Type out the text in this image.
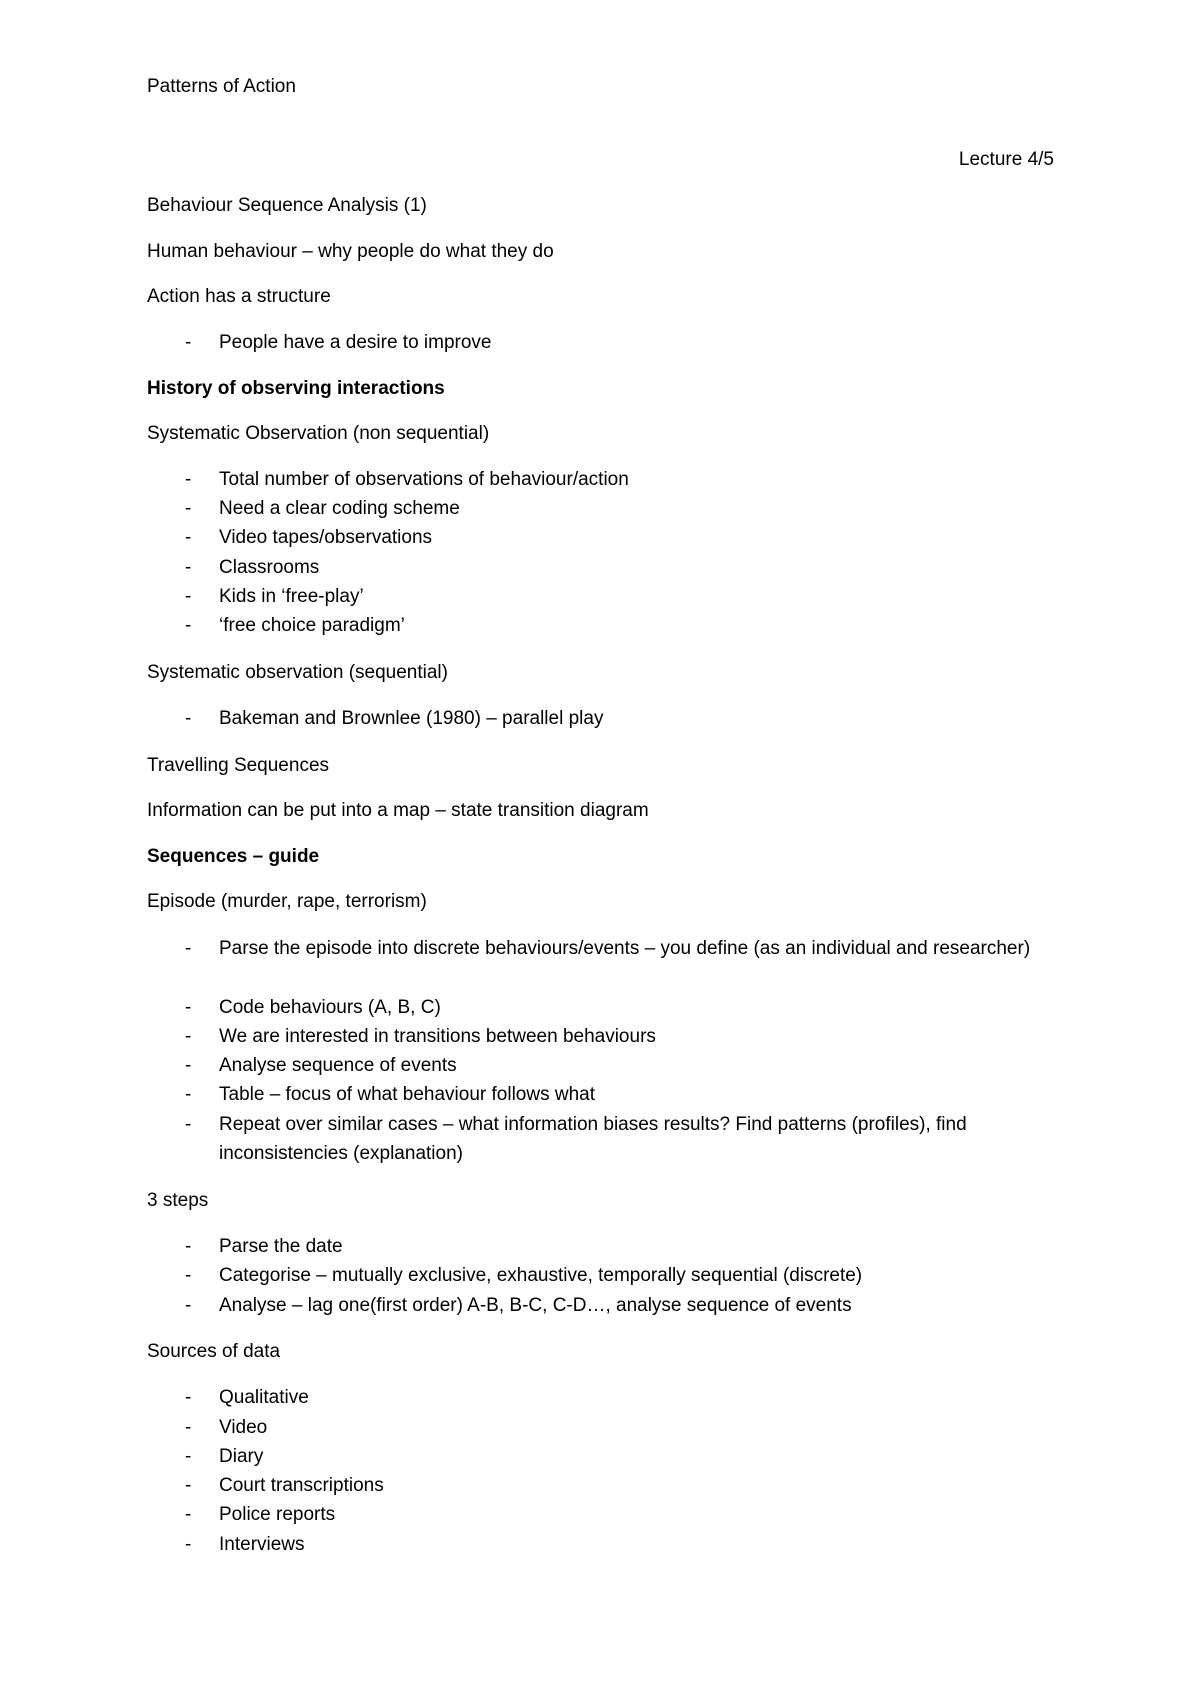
Patterns of Action
Lecture 4/5
Behaviour Sequence Analysis (1)
Human behaviour – why people do what they do
Action has a structure
- People have a desire to improve
History of observing interactions
Systematic Observation (non sequential)
- Total number of observations of behaviour/action
- Need a clear coding scheme
- Video tapes/observations
- Classrooms
- Kids in ‘free-play’
- ‘free choice paradigm’
Systematic observation (sequential)
- Bakeman and Brownlee (1980) – parallel play
Travelling Sequences
Information can be put into a map – state transition diagram
Sequences – guide
Episode (murder, rape, terrorism)
- Parse the episode into discrete behaviours/events – you define (as an individual and researcher)
- Code behaviours (A, B, C)
- We are interested in transitions between behaviours
- Analyse sequence of events
- Table – focus of what behaviour follows what
- Repeat over similar cases – what information biases results? Find patterns (profiles), find inconsistencies (explanation)
3 steps
- Parse the date
- Categorise – mutually exclusive, exhaustive, temporally sequential (discrete)
- Analyse – lag one(first order) A-B, B-C, C-D…, analyse sequence of events
Sources of data
- Qualitative
- Video
- Diary
- Court transcriptions
- Police reports
- Interviews
